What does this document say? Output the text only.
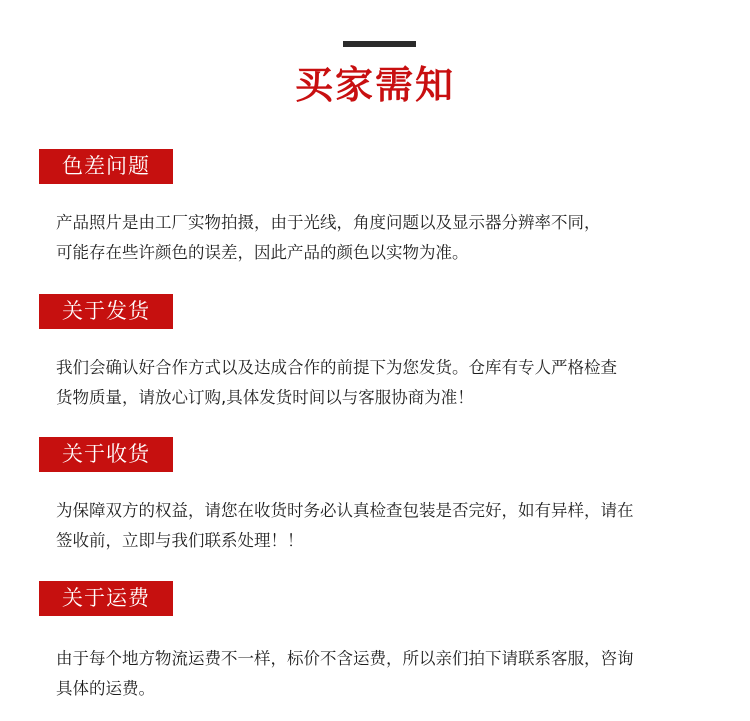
买家需知
色差问题
产品照片是由工厂实物拍摄，由于光线，角度问题以及显示器分辨率不同，
可能存在些许颜色的误差，因此产品的颜色以实物为准。
关于发货
我们会确认好合作方式以及达成合作的前提下为您发货。仓库有专人严格检查
货物质量，请放心订购,具体发货时间以与客服协商为准！
关于收货
为保障双方的权益，请您在收货时务必认真检查包装是否完好，如有异样，请在
签收前，立即与我们联系处理！！
关于运费
由于每个地方物流运费不一样，标价不含运费，所以亲们拍下请联系客服，咨询
具体的运费。
